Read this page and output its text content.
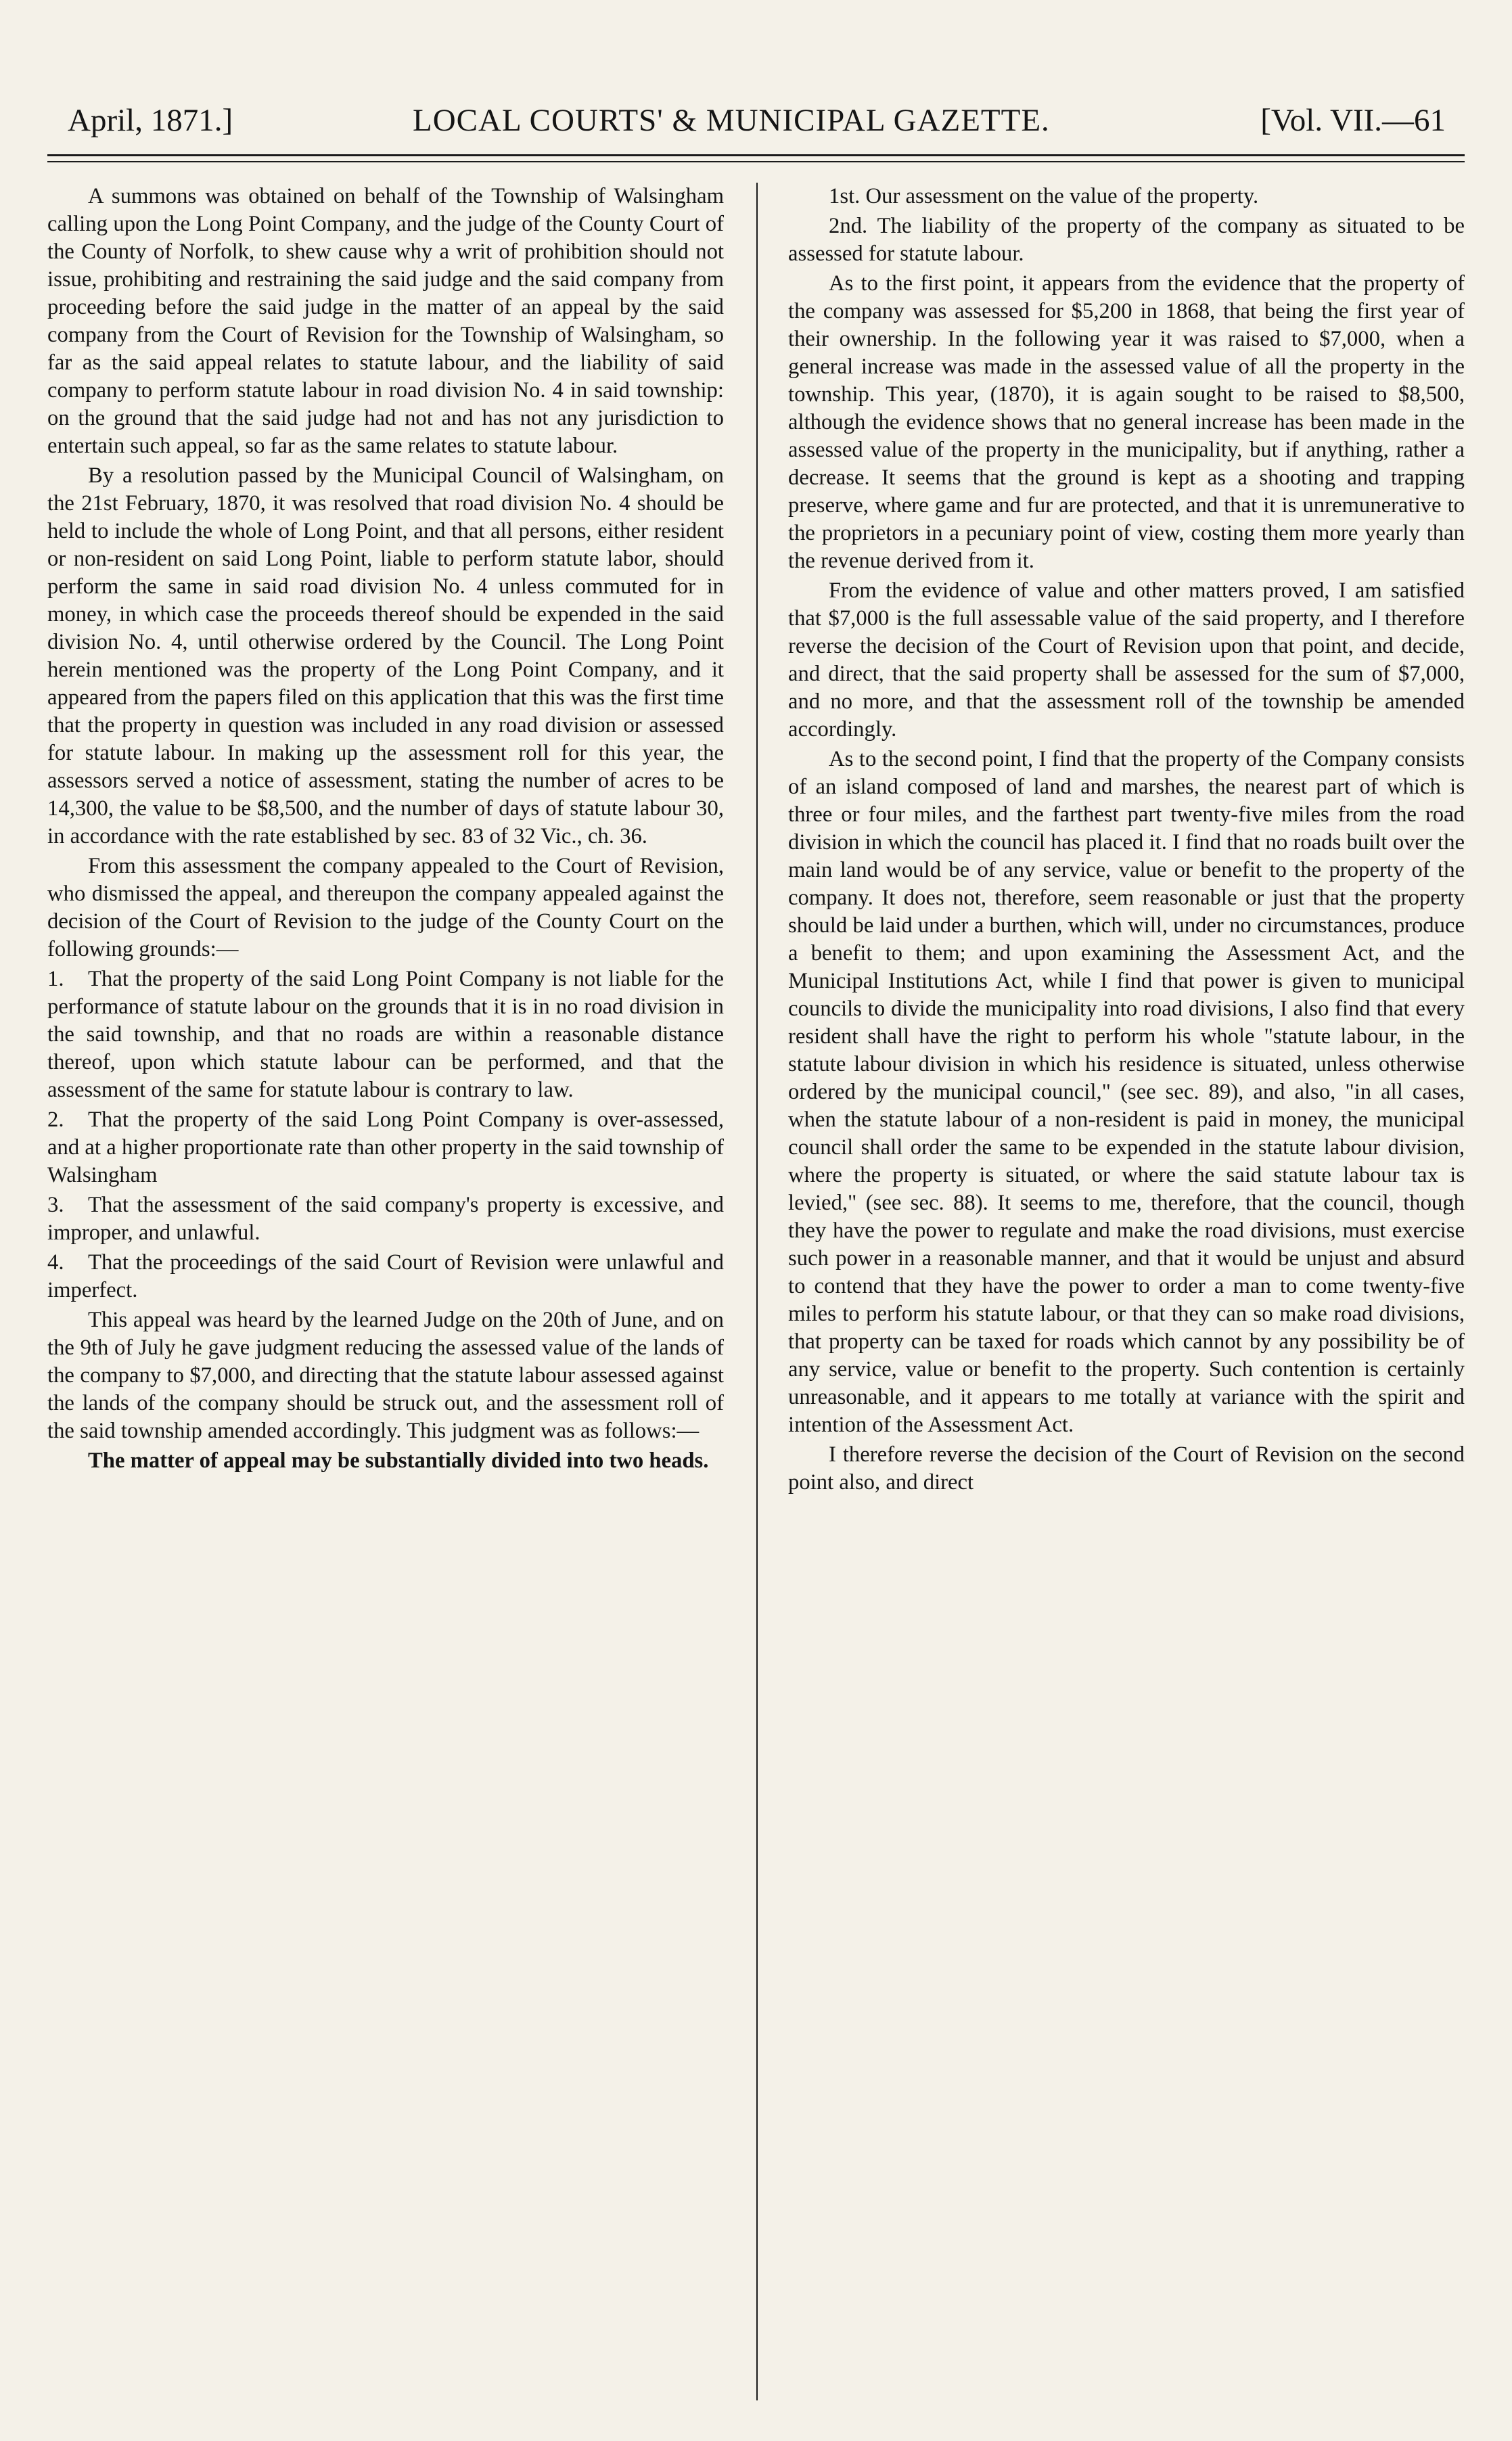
April, 1871.]	LOCAL COURTS' & MUNICIPAL GAZETTE.	[Vol. VII.—61

A summons was obtained on behalf of the Township of Walsingham calling upon the Long Point Company, and the judge of the County Court of the County of Norfolk, to shew cause why a writ of prohibition should not issue, prohibiting and restraining the said judge and the said company from proceeding before the said judge in the matter of an appeal by the said company from the Court of Revision for the Township of Walsingham, so far as the said appeal relates to statute labour, and the liability of said company to perform statute labour in road division No. 4 in said township: on the ground that the said judge had not and has not any jurisdiction to entertain such appeal, so far as the same relates to statute labour.

By a resolution passed by the Municipal Council of Walsingham, on the 21st February, 1870, it was resolved that road division No. 4 should be held to include the whole of Long Point, and that all persons, either resident or non-resident on said Long Point, liable to perform statute labor, should perform the same in said road division No. 4 unless commuted for in money, in which case the proceeds thereof should be expended in the said division No. 4, until otherwise ordered by the Council. The Long Point herein mentioned was the property of the Long Point Company, and it appeared from the papers filed on this application that this was the first time that the property in question was included in any road division or assessed for statute labour. In making up the assessment roll for this year, the assessors served a notice of assessment, stating the number of acres to be 14,300, the value to be $8,500, and the number of days of statute labour 30, in accordance with the rate established by sec. 83 of 32 Vic., ch. 36.

From this assessment the company appealed to the Court of Revision, who dismissed the appeal, and thereupon the company appealed against the decision of the Court of Revision to the judge of the County Court on the following grounds:—

1. That the property of the said Long Point Company is not liable for the performance of statute labour on the grounds that it is in no road division in the said township, and that no roads are within a reasonable distance thereof, upon which statute labour can be performed, and that the assessment of the same for statute labour is contrary to law.

2. That the property of the said Long Point Company is over-assessed, and at a higher proportionate rate than other property in the said township of Walsingham

3. That the assessment of the said company's property is excessive, and improper, and unlawful.

4. That the proceedings of the said Court of Revision were unlawful and imperfect.

This appeal was heard by the learned Judge on the 20th of June, and on the 9th of July he gave judgment reducing the assessed value of the lands of the company to $7,000, and directing that the statute labour assessed against the lands of the company should be struck out, and the assessment roll of the said township amended accordingly. This judgment was as follows:—

The matter of appeal may be substantially divided into two heads.

1st. Our assessment on the value of the property.

2nd. The liability of the property of the company as situated to be assessed for statute labour.

As to the first point, it appears from the evidence that the property of the company was assessed for $5,200 in 1868, that being the first year of their ownership. In the following year it was raised to $7,000, when a general increase was made in the assessed value of all the property in the township. This year, (1870), it is again sought to be raised to $8,500, although the evidence shows that no general increase has been made in the assessed value of the property in the municipality, but if anything, rather a decrease. It seems that the ground is kept as a shooting and trapping preserve, where game and fur are protected, and that it is unremunerative to the proprietors in a pecuniary point of view, costing them more yearly than the revenue derived from it.

From the evidence of value and other matters proved, I am satisfied that $7,000 is the full assessable value of the said property, and I therefore reverse the decision of the Court of Revision upon that point, and decide, and direct, that the said property shall be assessed for the sum of $7,000, and no more, and that the assessment roll of the township be amended accordingly.

As to the second point, I find that the property of the Company consists of an island composed of land and marshes, the nearest part of which is three or four miles, and the farthest part twenty-five miles from the road division in which the council has placed it. I find that no roads built over the main land would be of any service, value or benefit to the property of the company. It does not, therefore, seem reasonable or just that the property should be laid under a burthen, which will, under no circumstances, produce a benefit to them; and upon examining the Assessment Act, and the Municipal Institutions Act, while I find that power is given to municipal councils to divide the municipality into road divisions, I also find that every resident shall have the right to perform his whole "statute labour, in the statute labour division in which his residence is situated, unless otherwise ordered by the municipal council," (see sec. 89), and also, "in all cases, when the statute labour of a non-resident is paid in money, the municipal council shall order the same to be expended in the statute labour division, where the property is situated, or where the said statute labour tax is levied," (see sec. 88). It seems to me, therefore, that the council, though they have the power to regulate and make the road divisions, must exercise such power in a reasonable manner, and that it would be unjust and absurd to contend that they have the power to order a man to come twenty-five miles to perform his statute labour, or that they can so make road divisions, that property can be taxed for roads which cannot by any possibility be of any service, value or benefit to the property. Such contention is certainly unreasonable, and it appears to me totally at variance with the spirit and intention of the Assessment Act.

I therefore reverse the decision of the Court of Revision on the second point also, and direct
